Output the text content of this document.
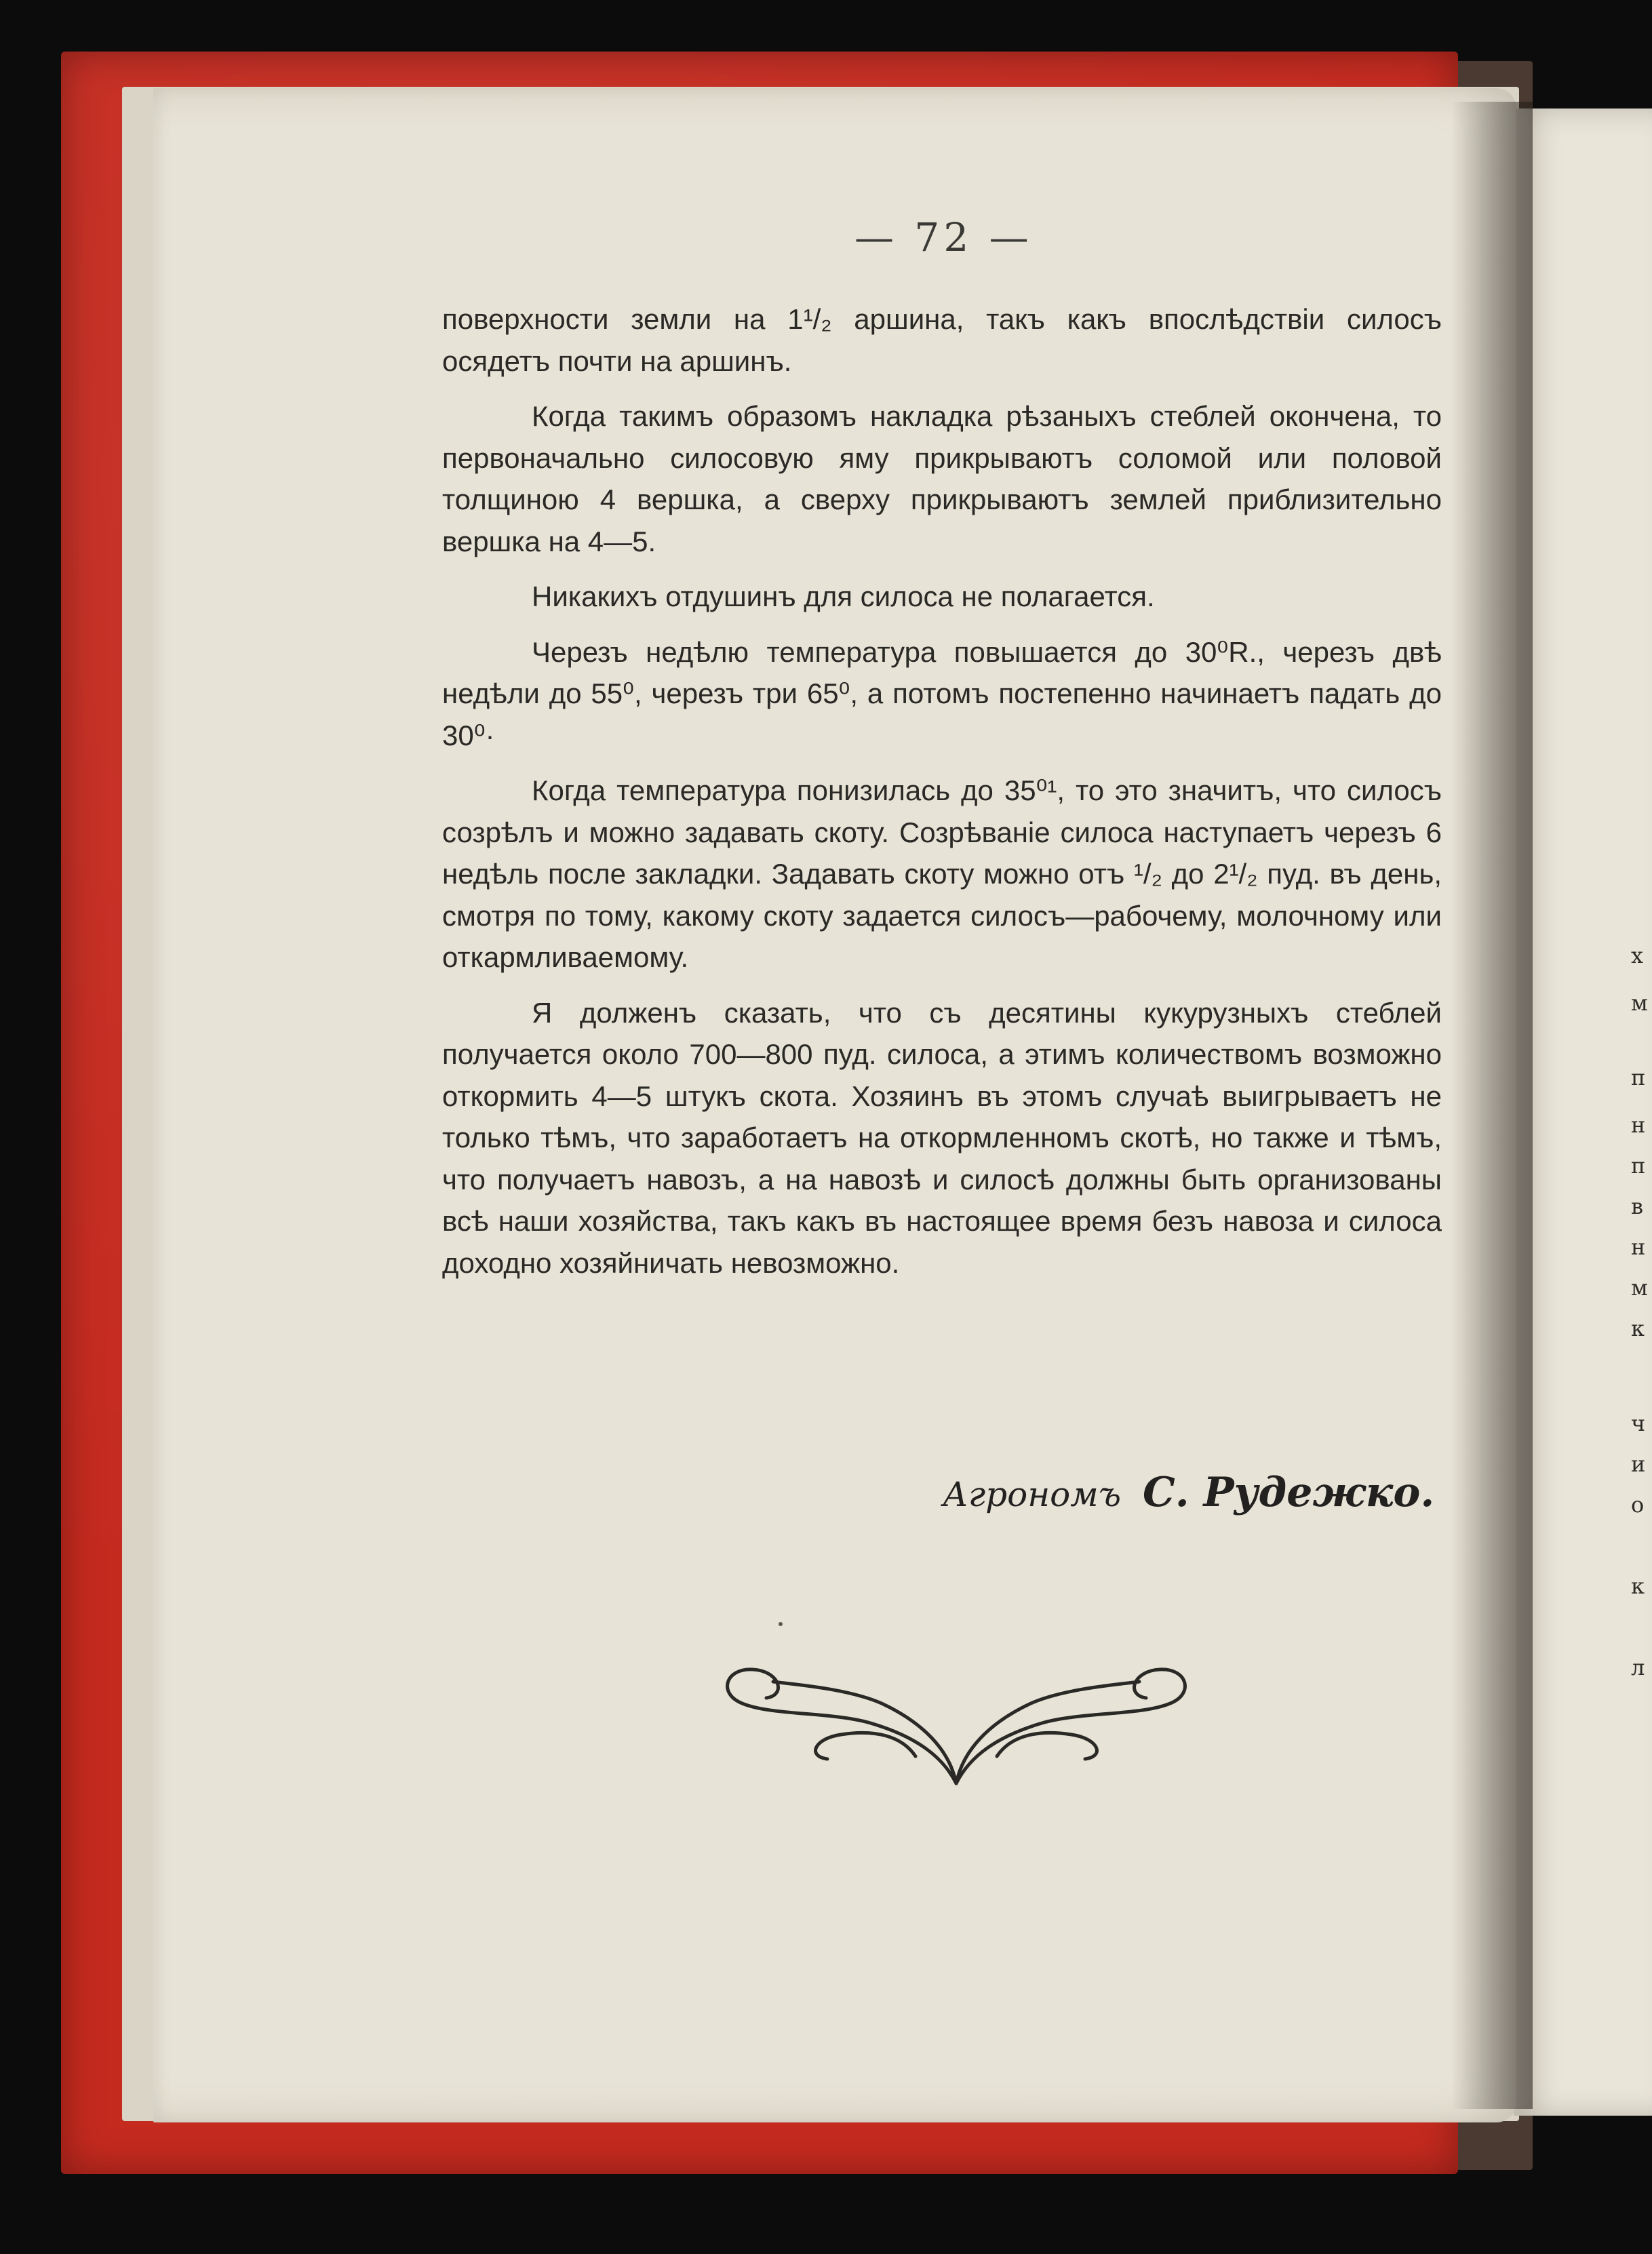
х
м
п
н
п
в
н
м
к
ч
и
о
к
л
— 72 —

поверхности земли на 1¹/₂ аршина, такъ какъ впослѣдствіи силосъ осядетъ почти на аршинъ.

Когда такимъ образомъ накладка рѣзаныхъ стеблей окончена, то первоначально силосовую яму прикрываютъ соломой или половой толщиною 4 вершка, а сверху прикрываютъ землей приблизительно вершка на 4—5.

Никакихъ отдушинъ для силоса не полагается.

Черезъ недѣлю температура повышается до 30⁰R., черезъ двѣ недѣли до 55⁰, черезъ три 65⁰, а потомъ постепенно начинаетъ падать до 30⁰·

Когда температура понизилась до 35⁰¹, то это значитъ, что силосъ созрѣлъ и можно задавать скоту. Созрѣваніе силоса наступаетъ черезъ 6 недѣль после закладки. Задавать скоту можно отъ ¹/₂ до 2¹/₂ пуд. въ день, смотря по тому, какому скоту задается силосъ—рабочему, молочному или откармливаемому.

Я долженъ сказать, что съ десятины кукурузныхъ стеблей получается около 700—800 пуд. силоса, а этимъ количествомъ возможно откормить 4—5 штукъ скота. Хозяинъ въ этомъ случаѣ выигрываетъ не только тѣмъ, что заработаетъ на откормленномъ скотѣ, но также и тѣмъ, что получаетъ навозъ, а на навозѣ и силосѣ должны быть организованы всѣ наши хозяйства, такъ какъ въ настоящее время безъ навоза и силоса доходно хозяйничать невозможно.

Агрономъ С. Рудежко.
